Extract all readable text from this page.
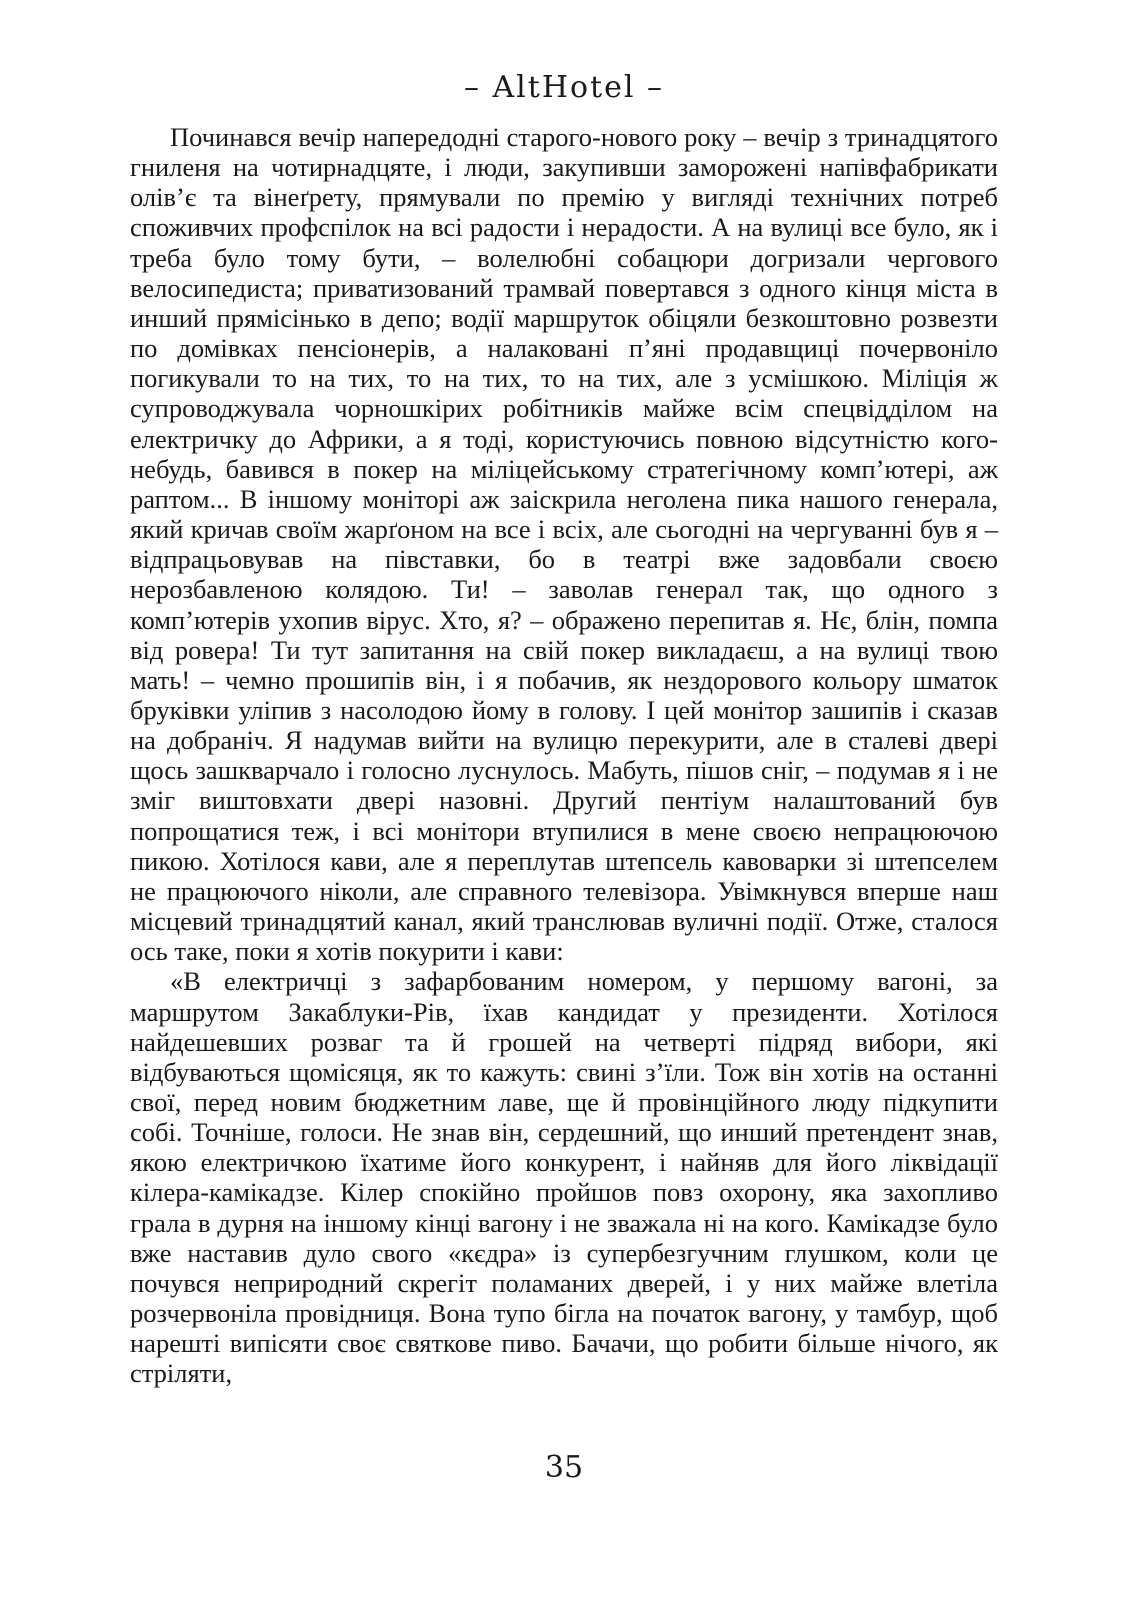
– AltHotel –

Починався вечір напередодні старого-нового року – вечір з тринадцятого гниленя на чотирнадцяте, і люди, закупивши заморожені напівфабрикати олів’є та вінеґрету, прямували по премію у вигляді технічних потреб споживчих профспілок на всі радости і нерадости. А на вулиці все було, як і треба було тому бути, – волелюбні собацюри догризали чергового велосипедиста; приватизований трамвай повертався з одного кінця міста в инший прямісінько в депо; водії маршруток обіцяли безкоштовно розвезти по домівках пенсіонерів, а налаковані п’яні продавщиці почервоніло погикували то на тих, то на тих, то на тих, але з усмішкою. Міліція ж супроводжувала чорношкірих робітників майже всім спецвідділом на електричку до Африки, а я тоді, користуючись повною відсутністю кого-небудь, бавився в покер на міліцейському стратегічному комп’ютері, аж раптом... В іншому моніторі аж заіскрила неголена пика нашого генерала, який кричав своїм жарґоном на все і всіх, але сьогодні на чергуванні був я – відпрацьовував на півставки, бо в театрі вже задовбали своєю нерозбавленою колядою. Ти! – заволав генерал так, що одного з комп’ютерів ухопив вірус. Хто, я? – ображено перепитав я. Нє, блін, помпа від ровера! Ти тут запитання на свій покер викладаєш, а на вулиці твою мать! – чемно прошипів він, і я побачив, як нездорового кольору шматок бруківки уліпив з насолодою йому в голову. І цей монітор зашипів і сказав на добраніч. Я надумав вийти на вулицю перекурити, але в сталеві двері щось зашкварчало і голосно луснулось. Мабуть, пішов сніг, – подумав я і не зміг виштовхати двері назовні. Другий пентіум налаштований був попрощатися теж, і всі монітори втупилися в мене своєю непрацюючою пикою. Хотілося кави, але я переплутав штепсель кавоварки зі штепселем не працюючого ніколи, але справного телевізора. Увімкнувся вперше наш місцевий тринадцятий канал, який транслював вуличні події. Отже, сталося ось таке, поки я хотів покурити і кави:

«В електричці з зафарбованим номером, у першому вагоні, за маршрутом Закаблуки-Рів, їхав кандидат у президенти. Хотілося найдешевших розваг та й грошей на четверті підряд вибори, які відбуваються щомісяця, як то кажуть: свині з’їли. Тож він хотів на останні свої, перед новим бюджетним лаве, ще й провінційного люду підкупити собі. Точніше, голоси. Не знав він, сердешний, що инший претендент знав, якою електричкою їхатиме його конкурент, і найняв для його ліквідації кілера-камікадзе. Кілер спокійно пройшов повз охорону, яка захопливо грала в дурня на іншому кінці вагону і не зважала ні на кого. Камікадзе було вже наставив дуло свого «кєдра» із супербезгучним глушком, коли це почувся неприродний скрегіт поламаних дверей, і у них майже влетіла розчервоніла провідниця. Вона тупо бігла на початок вагону, у тамбур, щоб нарешті випісяти своє святкове пиво. Бачачи, що робити більше нічого, як стріляти,

35
